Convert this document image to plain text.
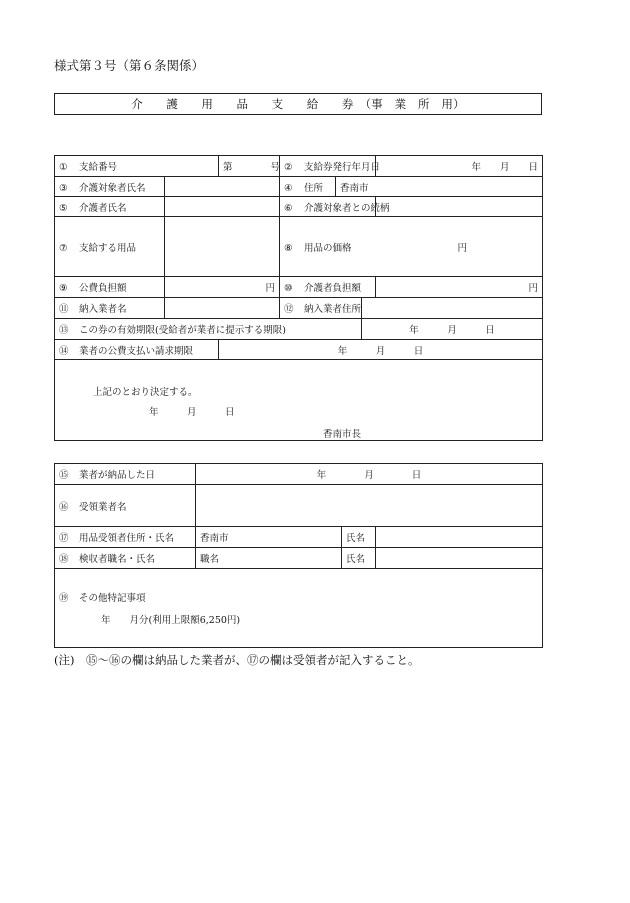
様式第３号（第６条関係）
介　　護　　用　　品　　支　　給　　券　（事　業　所　用）
① 支給番号		第　　　　号	② 支給券発行年月日			年　　月　　日
③ 介護対象者氏名			④ 住所	香南市		
⑤ 介護者氏名			⑥ 介護対象者との続柄			
⑦ 支給する用品			⑧ 用品の価格 円			
⑨ 公費負担額	円		⑩ 介護者負担額			円
⑪ 納入業者名			⑫ 納入業者住所			
⑬ この券の有効期限(受給者が業者に提示する期限)					年　　　月　　　日	
⑭ 業者の公費支払い請求期限		年　　　月　　　日				

上記のとおり決定する。
年　　　月　　　日
香南市長						
⑮ 業者が納品した日	年　　　　月　　　　日		
⑯ 受領業者名			
⑰ 用品受領者住所・氏名	香南市	氏名	
⑱ 検収者職名・氏名	職名	氏名	

⑲ その他特記事項
年　　月分(利用上限額6,250円)			
(注)　⑮～⑯の欄は納品した業者が、⑰の欄は受領者が記入すること。
